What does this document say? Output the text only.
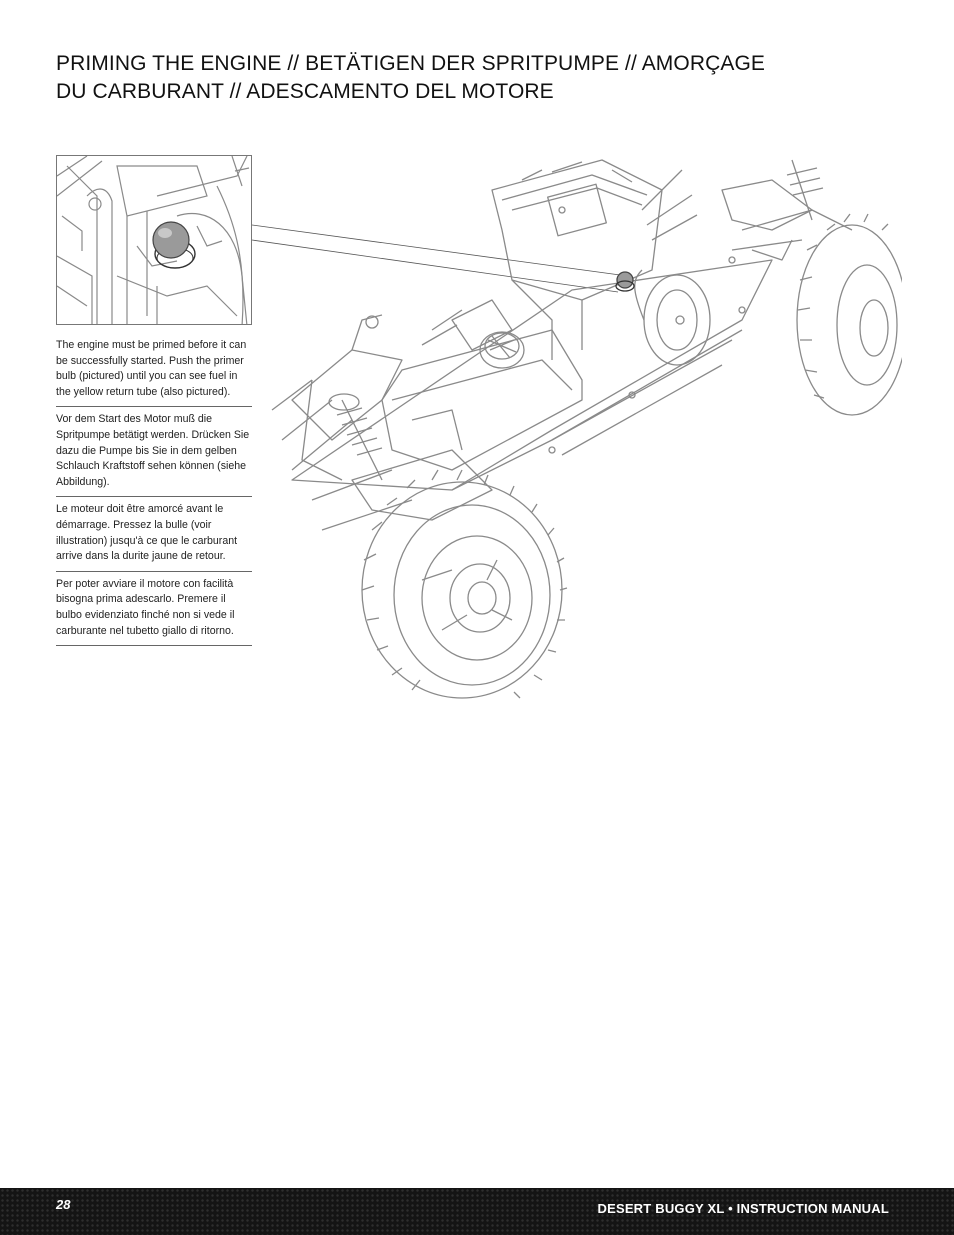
PRIMING THE ENGINE // BETÄTIGEN DER SPRITPUMPE // AMORÇAGE
DU CARBURANT // ADESCAMENTO DEL MOTORE
The engine must be primed before it can be successfully started. Push the primer bulb (pictured) until you can see fuel in the yellow return tube (also pictured).
Vor dem Start des Motor muß die Spritpumpe betätigt werden. Drücken Sie dazu die Pumpe bis Sie in dem gelben Schlauch Kraftstoff sehen können (siehe Abbildung).
Le moteur doit être amorcé avant le démarrage. Pressez la bulle (voir illustration) jusqu'à ce que le carburant arrive dans la durite jaune de retour.
Per poter avviare il motore con facilità bisogna prima adescarlo. Premere il bulbo evidenziato finché non si vede il carburante nel tubetto giallo di ritorno.
28	DESERT BUGGY XL • INSTRUCTION MANUAL
